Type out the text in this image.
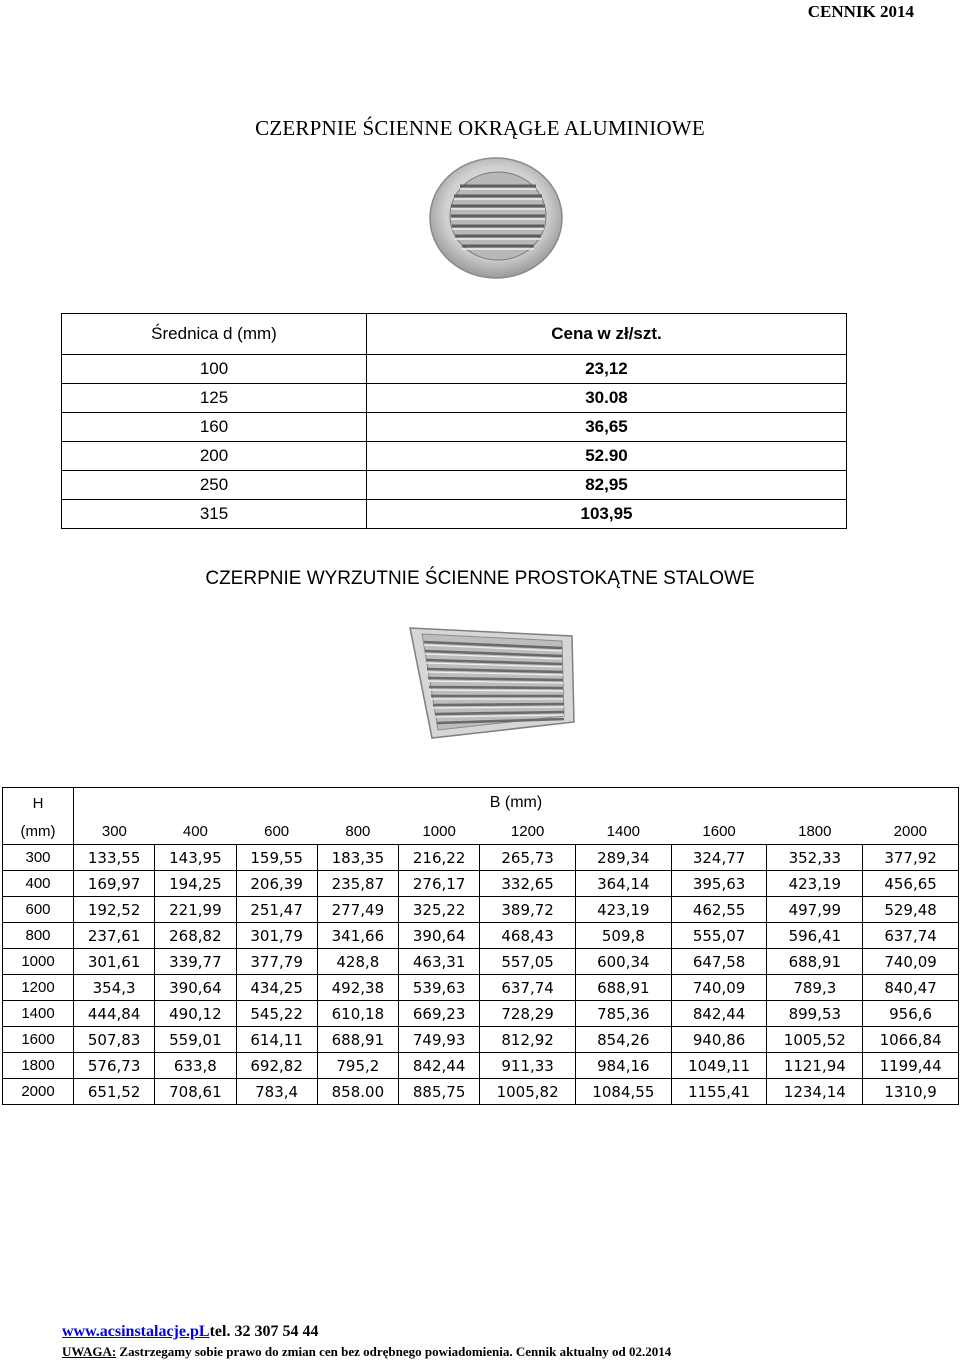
CENNIK 2014
CZERPNIE ŚCIENNE OKRĄGŁE ALUMINIOWE
Średnica d (mm)	Cena w zł/szt.
100	23,12
125	30.08
160	36,65
200	52.90
250	82,95
315	103,95
CZERPNIE WYRZUTNIE ŚCIENNE PROSTOKĄTNE STALOWE
H	B (mm)									
(mm)	300	400	600	800	1000	1200	1400	1600	1800	2000
300	133,55	143,95	159,55	183,35	216,22	265,73	289,34	324,77	352,33	377,92
400	169,97	194,25	206,39	235,87	276,17	332,65	364,14	395,63	423,19	456,65
600	192,52	221,99	251,47	277,49	325,22	389,72	423,19	462,55	497,99	529,48
800	237,61	268,82	301,79	341,66	390,64	468,43	509,8	555,07	596,41	637,74
1000	301,61	339,77	377,79	428,8	463,31	557,05	600,34	647,58	688,91	740,09
1200	354,3	390,64	434,25	492,38	539,63	637,74	688,91	740,09	789,3	840,47
1400	444,84	490,12	545,22	610,18	669,23	728,29	785,36	842,44	899,53	956,6
1600	507,83	559,01	614,11	688,91	749,93	812,92	854,26	940,86	1005,52	1066,84
1800	576,73	633,8	692,82	795,2	842,44	911,33	984,16	1049,11	1121,94	1199,44
2000	651,52	708,61	783,4	858.00	885,75	1005,82	1084,55	1155,41	1234,14	1310,9
www.acsinstalacje.pLtel. 32 307 54 44
UWAGA: Zastrzegamy sobie prawo do zmian cen bez odrębnego powiadomienia. Cennik aktualny od 02.2014
